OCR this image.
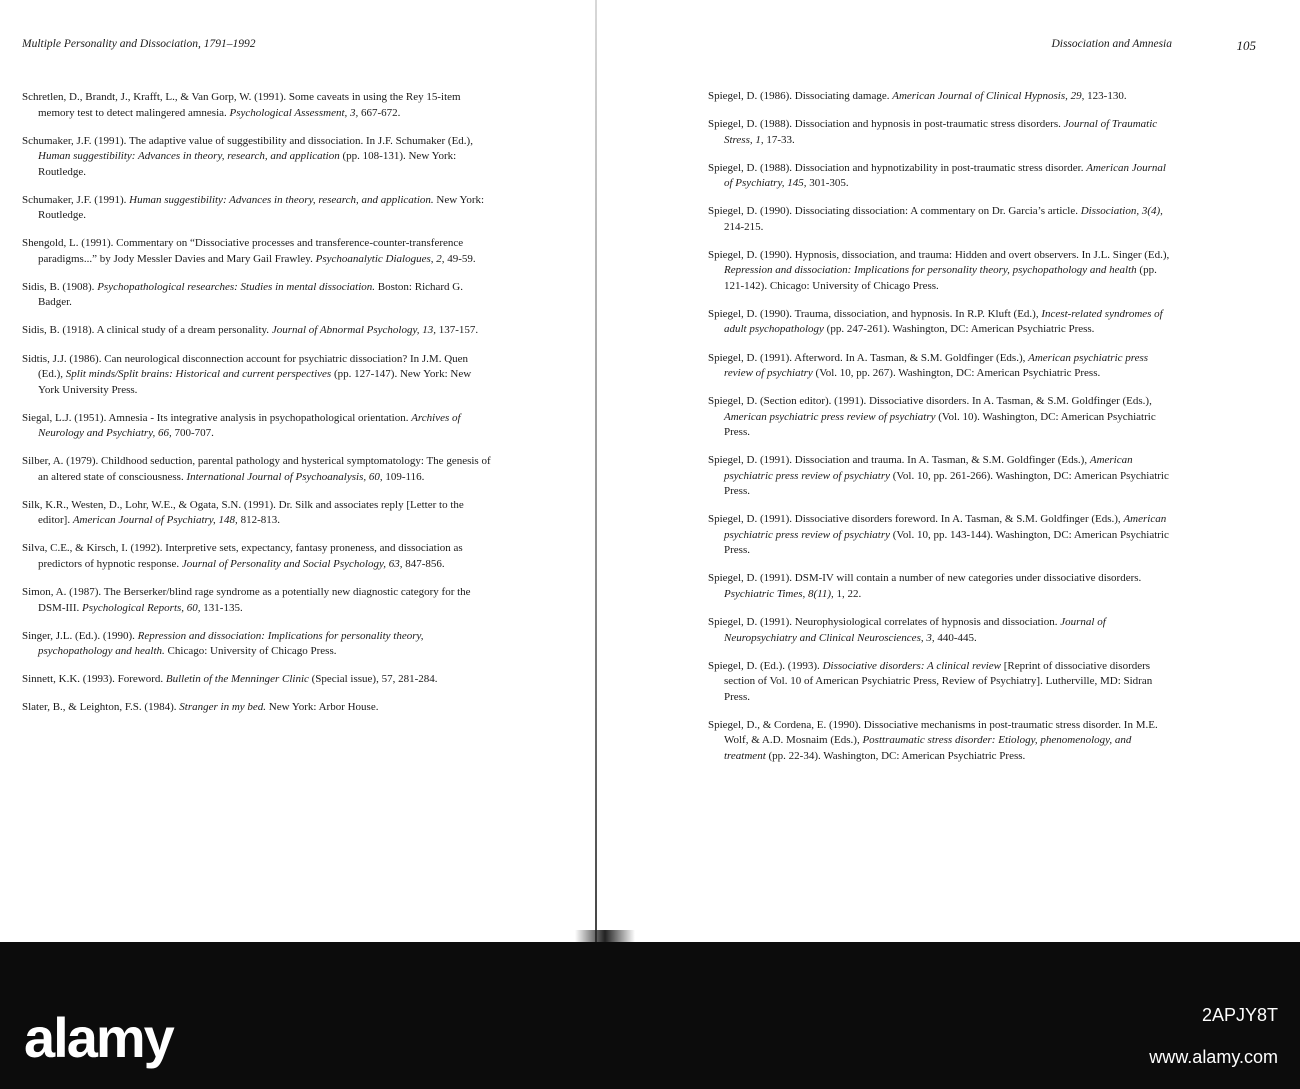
Multiple Personality and Dissociation, 1791–1992
Schretlen, D., Brandt, J., Krafft, L., & Van Gorp, W. (1991). Some caveats in using the Rey 15-item memory test to detect malingered amnesia. Psychological Assessment, 3, 667-672.
Schumaker, J.F. (1991). The adaptive value of suggestibility and dissociation. In J.F. Schumaker (Ed.), Human suggestibility: Advances in theory, research, and application (pp. 108-131). New York: Routledge.
Schumaker, J.F. (1991). Human suggestibility: Advances in theory, research, and application. New York: Routledge.
Shengold, L. (1991). Commentary on “Dissociative processes and transference-counter-transference paradigms...” by Jody Messler Davies and Mary Gail Frawley. Psychoanalytic Dialogues, 2, 49-59.
Sidis, B. (1908). Psychopathological researches: Studies in mental dissociation. Boston: Richard G. Badger.
Sidis, B. (1918). A clinical study of a dream personality. Journal of Abnormal Psychology, 13, 137-157.
Sidtis, J.J. (1986). Can neurological disconnection account for psychiatric dissociation? In J.M. Quen (Ed.), Split minds/Split brains: Historical and current perspectives (pp. 127-147). New York: New York University Press.
Siegal, L.J. (1951). Amnesia - Its integrative analysis in psychopathological orientation. Archives of Neurology and Psychiatry, 66, 700-707.
Silber, A. (1979). Childhood seduction, parental pathology and hysterical symptomatology: The genesis of an altered state of consciousness. International Journal of Psychoanalysis, 60, 109-116.
Silk, K.R., Westen, D., Lohr, W.E., & Ogata, S.N. (1991). Dr. Silk and associates reply [Letter to the editor]. American Journal of Psychiatry, 148, 812-813.
Silva, C.E., & Kirsch, I. (1992). Interpretive sets, expectancy, fantasy proneness, and dissociation as predictors of hypnotic response. Journal of Personality and Social Psychology, 63, 847-856.
Simon, A. (1987). The Berserker/blind rage syndrome as a potentially new diagnostic category for the DSM-III. Psychological Reports, 60, 131-135.
Singer, J.L. (Ed.). (1990). Repression and dissociation: Implications for personality theory, psychopathology and health. Chicago: University of Chicago Press.
Sinnett, K.K. (1993). Foreword. Bulletin of the Menninger Clinic (Special issue), 57, 281-284.
Slater, B., & Leighton, F.S. (1984). Stranger in my bed. New York: Arbor House.
Dissociation and Amnesia	105
Spiegel, D. (1986). Dissociating damage. American Journal of Clinical Hypnosis, 29, 123-130.
Spiegel, D. (1988). Dissociation and hypnosis in post-traumatic stress disorders. Journal of Traumatic Stress, 1, 17-33.
Spiegel, D. (1988). Dissociation and hypnotizability in post-traumatic stress disorder. American Journal of Psychiatry, 145, 301-305.
Spiegel, D. (1990). Dissociating dissociation: A commentary on Dr. Garcia’s article. Dissociation, 3(4), 214-215.
Spiegel, D. (1990). Hypnosis, dissociation, and trauma: Hidden and overt observers. In J.L. Singer (Ed.), Repression and dissociation: Implications for personality theory, psychopathology and health (pp. 121-142). Chicago: University of Chicago Press.
Spiegel, D. (1990). Trauma, dissociation, and hypnosis. In R.P. Kluft (Ed.), Incest-related syndromes of adult psychopathology (pp. 247-261). Washington, DC: American Psychiatric Press.
Spiegel, D. (1991). Afterword. In A. Tasman, & S.M. Goldfinger (Eds.), American psychiatric press review of psychiatry (Vol. 10, pp. 267). Washington, DC: American Psychiatric Press.
Spiegel, D. (Section editor). (1991). Dissociative disorders. In A. Tasman, & S.M. Goldfinger (Eds.), American psychiatric press review of psychiatry (Vol. 10). Washington, DC: American Psychiatric Press.
Spiegel, D. (1991). Dissociation and trauma. In A. Tasman, & S.M. Goldfinger (Eds.), American psychiatric press review of psychiatry (Vol. 10, pp. 261-266). Washington, DC: American Psychiatric Press.
Spiegel, D. (1991). Dissociative disorders foreword. In A. Tasman, & S.M. Goldfinger (Eds.), American psychiatric press review of psychiatry (Vol. 10, pp. 143-144). Washington, DC: American Psychiatric Press.
Spiegel, D. (1991). DSM-IV will contain a number of new categories under dissociative disorders. Psychiatric Times, 8(11), 1, 22.
Spiegel, D. (1991). Neurophysiological correlates of hypnosis and dissociation. Journal of Neuropsychiatry and Clinical Neurosciences, 3, 440-445.
Spiegel, D. (Ed.). (1993). Dissociative disorders: A clinical review [Reprint of dissociative disorders section of Vol. 10 of American Psychiatric Press, Review of Psychiatry]. Lutherville, MD: Sidran Press.
Spiegel, D., & Cordena, E. (1990). Dissociative mechanisms in post-traumatic stress disorder. In M.E. Wolf, & A.D. Mosnaim (Eds.), Posttraumatic stress disorder: Etiology, phenomenology, and treatment (pp. 22-34). Washington, DC: American Psychiatric Press.
alamy	2APJY8T
www.alamy.com
